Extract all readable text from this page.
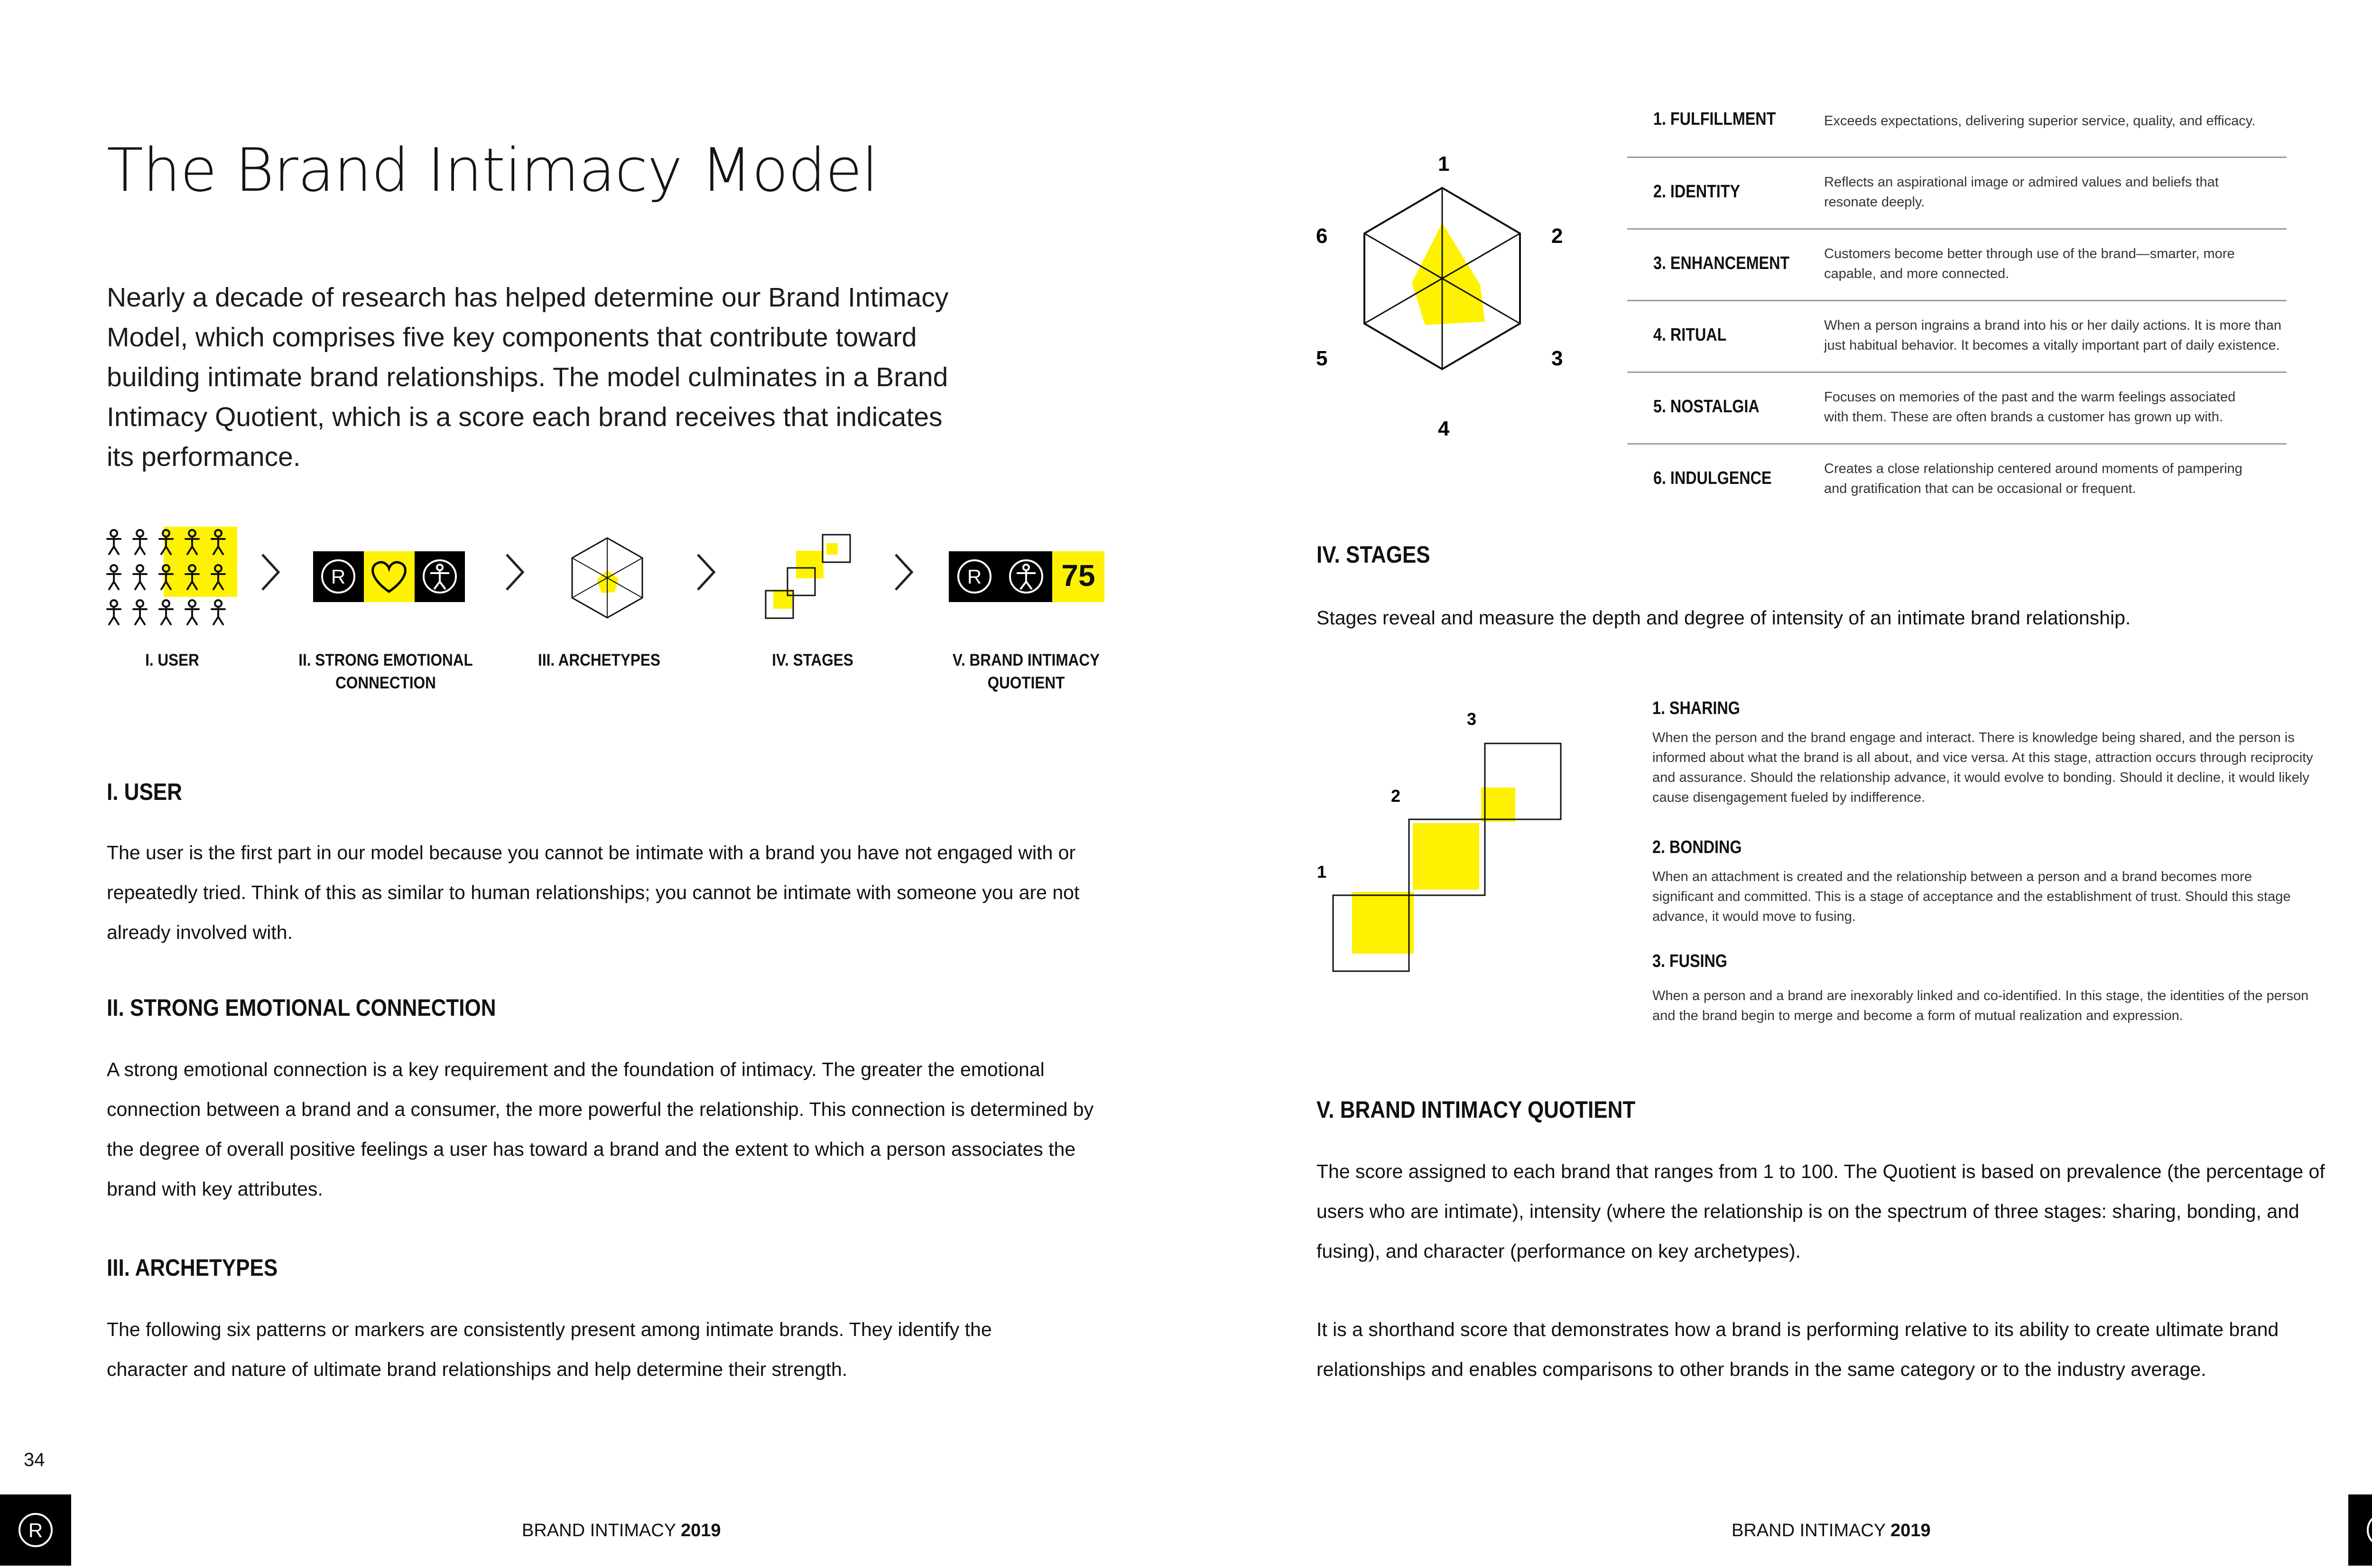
The Brand Intimacy Model
Nearly a decade of research has helped determine our Brand Intimacy Model, which comprises five key components that contribute toward building intimate brand relationships. The model culminates in a Brand Intimacy Quotient, which is a score each brand receives that indicates its performance.
R	R	75
I. USER	II. STRONG EMOTIONAL CONNECTION
III. ARCHETYPES	IV. STAGES	V. BRAND INTIMACY QUOTIENT
I. USER
The user is the first part in our model because you cannot be intimate with a brand you have not engaged with or repeatedly tried. Think of this as similar to human relationships; you cannot be intimate with someone you are not already involved with.
II. STRONG EMOTIONAL CONNECTION
A strong emotional connection is a key requirement and the foundation of intimacy. The greater the emotional connection between a brand and a consumer, the more powerful the relationship. This connection is determined by the degree of overall positive feelings a user has toward a brand and the extent to which a person associates the brand with key attributes.
III. ARCHETYPES
The following six patterns or markers are consistently present among intimate brands. They identify the character and nature of ultimate brand relationships and help determine their strength.
34
R	BRAND INTIMACY 2019
1
2
3
4
5
6
1. FULFILLMENT	Exceeds expectations, delivering superior service, quality, and efficacy.
2. IDENTITY	Reflects an aspirational image or admired values and beliefs that resonate deeply.
3. ENHANCEMENT	Customers become better through use of the brand—smarter, more capable, and more connected.
4. RITUAL	When a person ingrains a brand into his or her daily actions. It is more than just habitual behavior. It becomes a vitally important part of daily existence.
5. NOSTALGIA	Focuses on memories of the past and the warm feelings associated with them. These are often brands a customer has grown up with.
6. INDULGENCE	Creates a close relationship centered around moments of pampering and gratification that can be occasional or frequent.
IV. STAGES
Stages reveal and measure the depth and degree of intensity of an intimate brand relationship.
1
2
3
1. SHARING
When the person and the brand engage and interact. There is knowledge being shared, and the person is informed about what the brand is all about, and vice versa. At this stage, attraction occurs through reciprocity and assurance. Should the relationship advance, it would evolve to bonding. Should it decline, it would likely cause disengagement fueled by indifference.
2. BONDING
When an attachment is created and the relationship between a person and a brand becomes more significant and committed. This is a stage of acceptance and the establishment of trust. Should this stage advance, it would move to fusing.
3. FUSING
When a person and a brand are inexorably linked and co-identified. In this stage, the identities of the person and the brand begin to merge and become a form of mutual realization and expression.
V. BRAND INTIMACY QUOTIENT
The score assigned to each brand that ranges from 1 to 100. The Quotient is based on prevalence (the percentage of users who are intimate), intensity (where the relationship is on the spectrum of three stages: sharing, bonding, and fusing), and character (performance on key archetypes).
It is a shorthand score that demonstrates how a brand is performing relative to its ability to create ultimate brand relationships and enables comparisons to other brands in the same category or to the industry average.
BRAND INTIMACY 2019
